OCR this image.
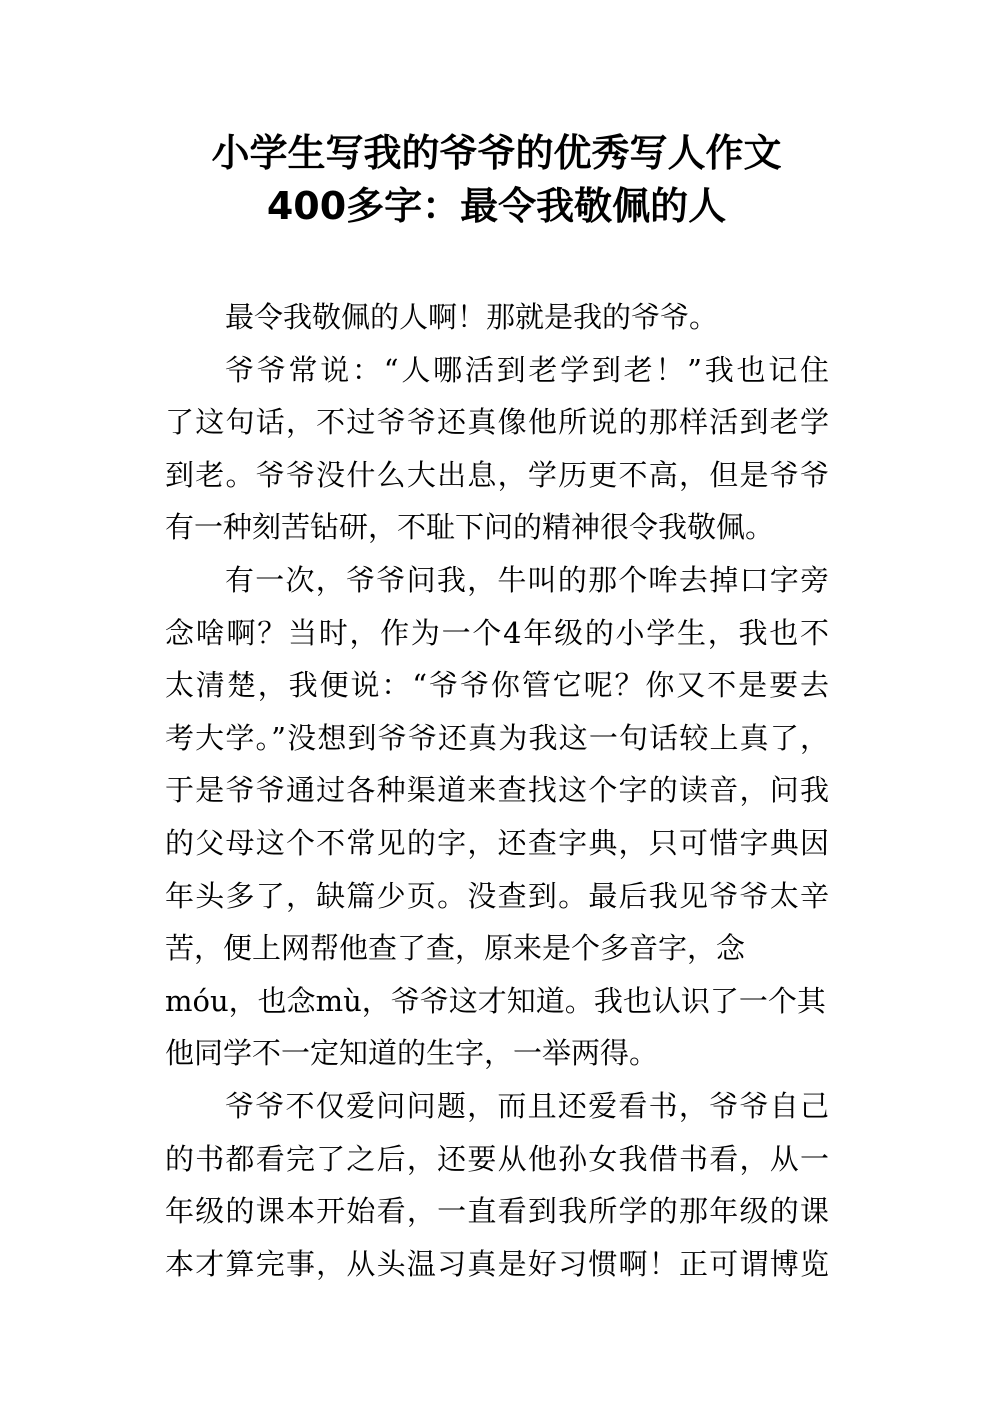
小学生写我的爷爷的优秀写人作文
400多字：最令我敬佩的人
最令我敬佩的人啊！那就是我的爷爷。
爷爷常说：“人哪活到老学到老！”我也记住
了这句话，不过爷爷还真像他所说的那样活到老学
到老。爷爷没什么大出息，学历更不高，但是爷爷
有一种刻苦钻研，不耻下问的精神很令我敬佩。
有一次，爷爷问我，牛叫的那个哞去掉口字旁
念啥啊？当时，作为一个4年级的小学生，我也不
太清楚，我便说：“爷爷你管它呢？你又不是要去
考大学。”没想到爷爷还真为我这一句话较上真了，
于是爷爷通过各种渠道来查找这个字的读音，问我
的父母这个不常见的字，还查字典，只可惜字典因
年头多了，缺篇少页。没查到。最后我见爷爷太辛
苦，便上网帮他查了查，原来是个多音字，念
móu，也念mù，爷爷这才知道。我也认识了一个其
他同学不一定知道的生字，一举两得。
爷爷不仅爱问问题，而且还爱看书，爷爷自己
的书都看完了之后，还要从他孙女我借书看，从一
年级的课本开始看，一直看到我所学的那年级的课
本才算完事，从头温习真是好习惯啊！正可谓博览
